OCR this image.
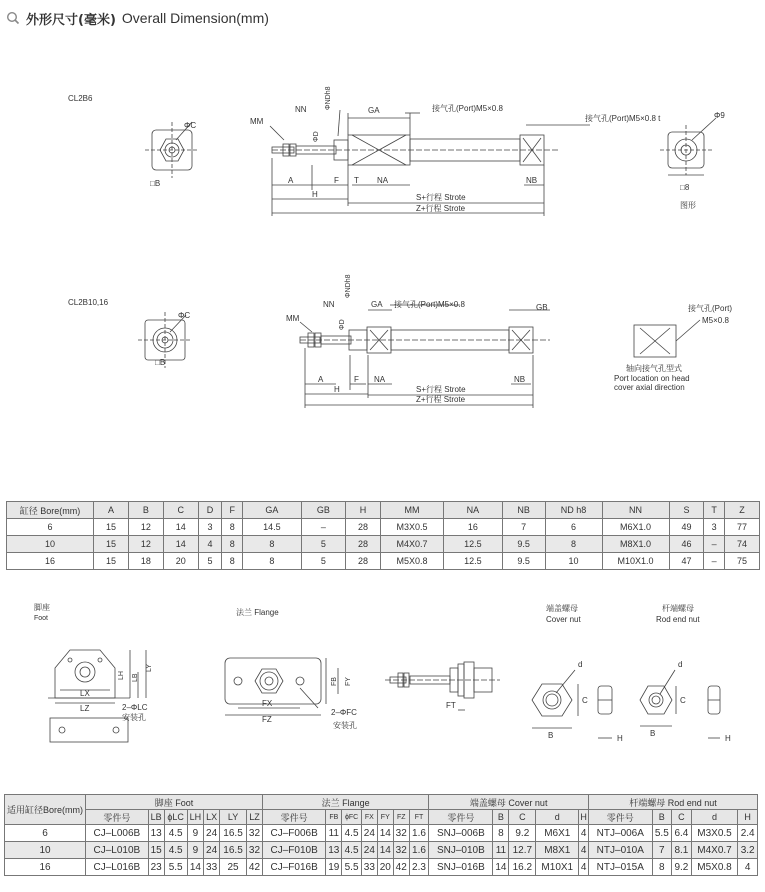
外形尺寸(毫米) Overall Dimension(mm)
CL2B6
□B
ΦC	MM
NN	ΦNDh8
ΦD
GA	接气孔(Port)M5×0.8
接气孔(Port)M5×0.8 t	Φ9
□8
图形
A	F T NA	NB
H	S+行程 Strote
Z+行程 Strote
CL2B10,16
□B
ΦC	MM
NN
ΦNDh8
ΦD
GA 接气孔(Port)M5×0.8	GB	接气孔(Port)
M5×0.8
轴向接气孔型式
Port location on head
cover axial direction
A	F NA	NB
H	S+行程 Strote
Z+行程 Strote
脚座
Foot
法兰 Flange	端盖螺母
Cover nut
杆端螺母
Rod end nut
LH LB
LY
LX
LZ	2–ΦLC
安装孔
FB FY
FX
FZ
2–ΦFC
安装孔
FT
d
C
B	H
d
C
B
H
缸径 Bore(mm)	A	B	C	D	F	GA	GB	H	MM	NA	NB	ND h8	NN	S	T	Z
6	15	12	14	3	8	14.5	–	28	M3X0.5	16	7	6	M6X1.0	49	3	77
10	15	12	14	4	8	8	5	28	M4X0.7	12.5	9.5	8	M8X1.0	46	–	74
16	15	18	20	5	8	8	5	28	M5X0.8	12.5	9.5	10	M10X1.0	47	–	75
适用缸径Bore(mm)	脚座 Foot							法兰 Flange							端盖螺母 Cover nut					杆端螺母 Rod end nut				
	零件号	LB	ϕLC	LH	LX	LY	LZ	零件号	FB	ϕFC	FX	FY	FZ	FT	零件号	B	C	d	H	零件号	B	C	d	H
6	CJ–L006B	13	4.5	9	24	16.5	32	CJ–F006B	11	4.5	24	14	32	1.6	SNJ–006B	8	9.2	M6X1	4	NTJ–006A	5.5	6.4	M3X0.5	2.4
10	CJ–L010B	15	4.5	9	24	16.5	32	CJ–F010B	13	4.5	24	14	32	1.6	SNJ–010B	11	12.7	M8X1	4	NTJ–010A	7	8.1	M4X0.7	3.2
16	CJ–L016B	23	5.5	14	33	25	42	CJ–F016B	19	5.5	33	20	42	2.3	SNJ–016B	14	16.2	M10X1	4	NTJ–015A	8	9.2	M5X0.8	4
